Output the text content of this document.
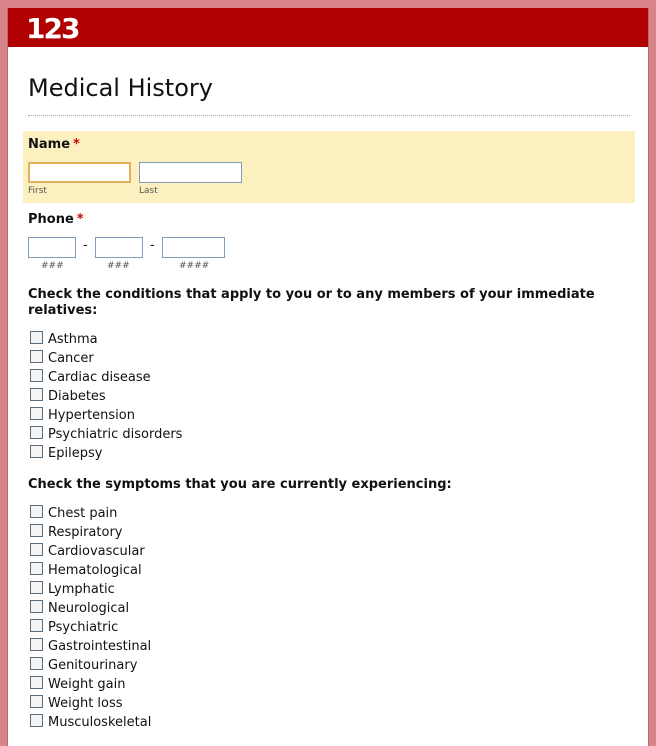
123
Medical History
Name *
First	Last
Phone *
-	-
###	###	####
Check the conditions that apply to you or to any members of your immediate relatives:
Asthma
Cancer
Cardiac disease
Diabetes
Hypertension
Psychiatric disorders
Epilepsy
Check the symptoms that you are currently experiencing:
Chest pain
Respiratory
Cardiovascular
Hematological
Lymphatic
Neurological
Psychiatric
Gastrointestinal
Genitourinary
Weight gain
Weight loss
Musculoskeletal
